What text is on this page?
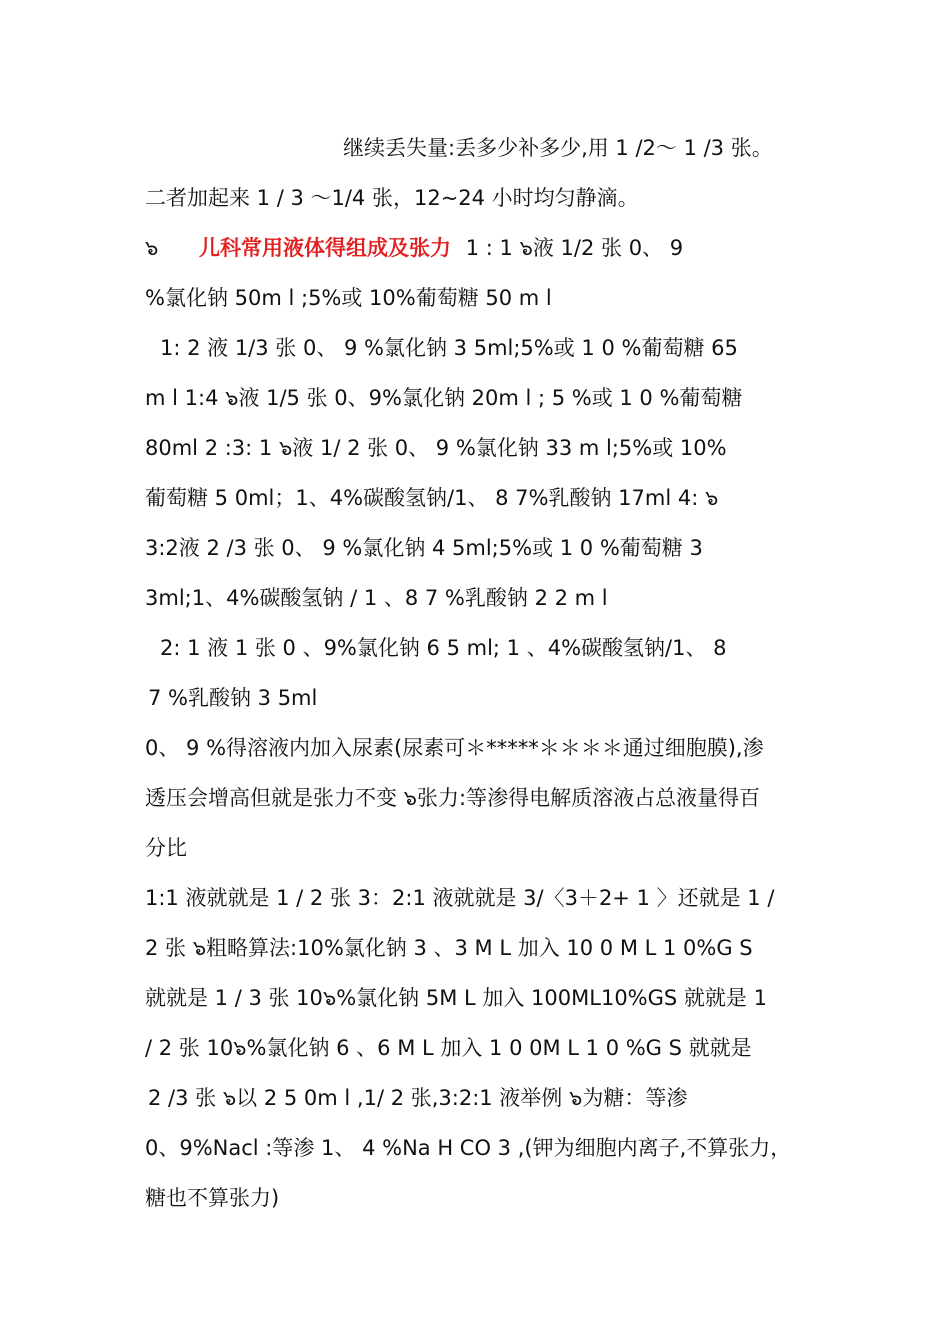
继续丢失量:丢多少补多少,用 1 /2～ 1 /3 张。
二者加起来 1 / 3 ～1/4 张，12~24 小时均匀静滴。
๖ 儿科常用液体得组成及张力 1 : 1 ๖液 1/2 张 0、 9
%氯化钠 50m l ;5%或 10%葡萄糖 50 m l
1: 2 液 1/3 张 0、 9 %氯化钠 3 5ml;5%或 1 0 %葡萄糖 65
m l 1:4 ๖液 1/5 张 0、9%氯化钠 20m l ; 5 %或 1 0 %葡萄糖
80ml 2 :3: 1 ๖液 1/ 2 张 0、 9 %氯化钠 33 m l;5%或 10%
葡萄糖 5 0ml；1、4%碳酸氢钠/1、 8 7%乳酸钠 17ml 4: ๖
3:2液 2 /3 张 0、 9 %氯化钠 4 5ml;5%或 1 0 %葡萄糖 3
3ml;1、4%碳酸氢钠 / 1 、8 7 %乳酸钠 2 2 m l
2: 1 液 1 张 0 、9%氯化钠 6 5 ml; 1 、4%碳酸氢钠/1、 8
7 %乳酸钠 3 5ml
0、 9 %得溶液内加入尿素(尿素可＊*****＊＊＊＊通过细胞膜),渗
透压会增高但就是张力不变 ๖张力:等渗得电解质溶液占总液量得百
分比
1:1 液就就是 1 / 2 张 3：2:1 液就就是 3/〈3＋2+ 1 〉还就是 1 /
2 张 ๖粗略算法:10%氯化钠 3 、3 M L 加入 10 0 M L 1 0%G S
就就是 1 / 3 张 10๖%氯化钠 5M L 加入 100ML10%GS 就就是 1
/ 2 张 10๖%氯化钠 6 、6 M L 加入 1 0 0M L 1 0 %G S 就就是
2 /3 张 ๖以 2 5 0m l ,1/ 2 张,3:2:1 液举例 ๖为糖：等渗
0、9%Nacl :等渗 1、 4 %Na H CO 3 ,(钾为细胞内离子,不算张力，
糖也不算张力)
